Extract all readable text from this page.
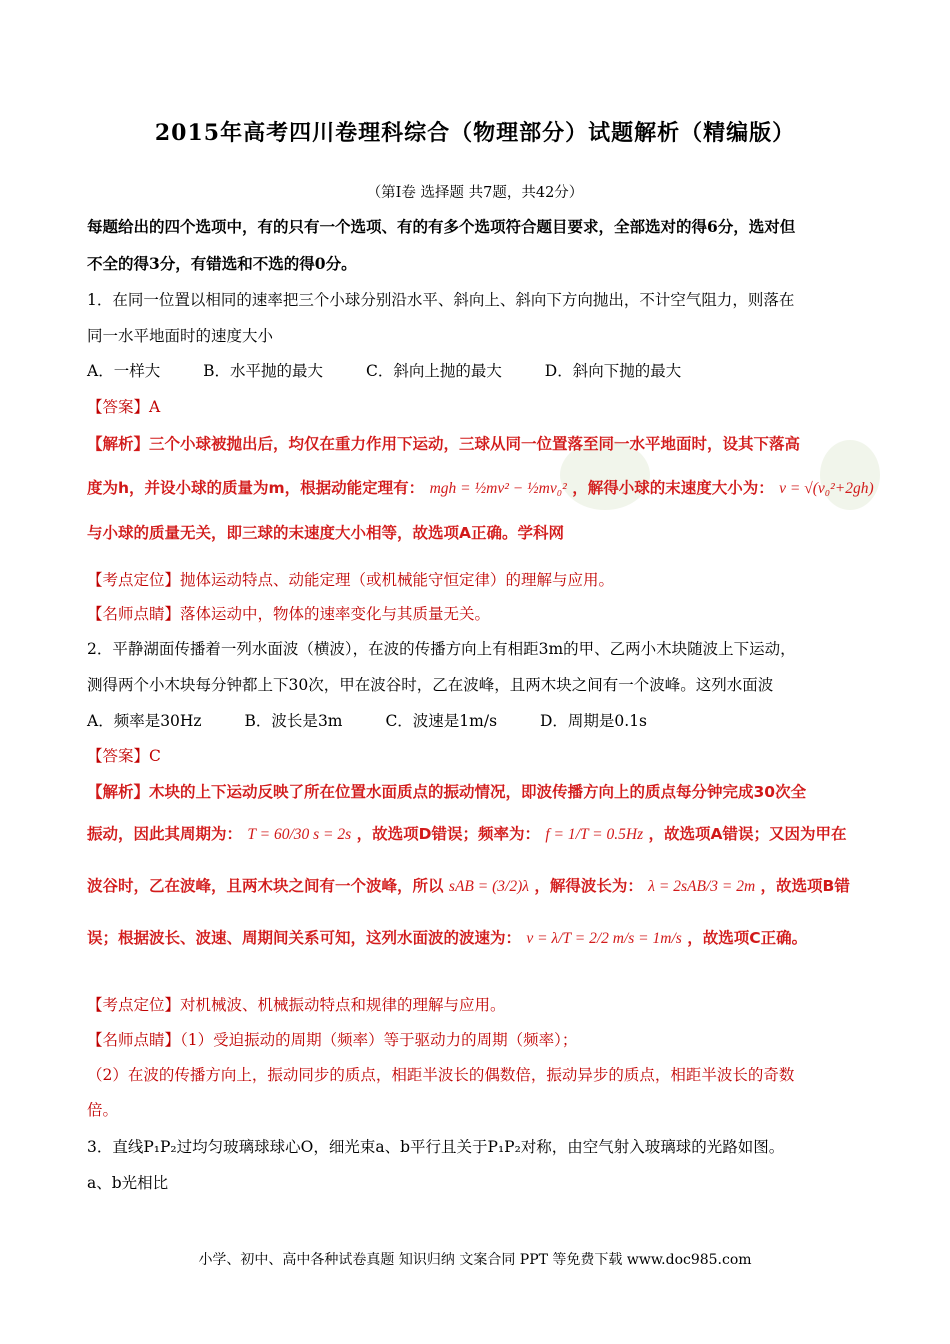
2015年高考四川卷理科综合（物理部分）试题解析（精编版）
（第Ⅰ卷 选择题 共7题，共42分）
每题给出的四个选项中，有的只有一个选项、有的有多个选项符合题目要求，全部选对的得6分，选对但
不全的得3分，有错选和不选的得0分。
1．在同一位置以相同的速率把三个小球分别沿水平、斜向上、斜向下方向抛出，不计空气阻力，则落在
同一水平地面时的速度大小
A．一样大	B．水平抛的最大	C．斜向上抛的最大	D．斜向下抛的最大
【答案】A
【解析】三个小球被抛出后，均仅在重力作用下运动，三球从同一位置落至同一水平地面时，设其下落高
度为h，并设小球的质量为m，根据动能定理有： mgh = ½mv² − ½mv₀² ，解得小球的末速度大小为： v = √(v₀²+2gh)
与小球的质量无关，即三球的末速度大小相等，故选项A正确。学科网
【考点定位】抛体运动特点、动能定理（或机械能守恒定律）的理解与应用。
【名师点睛】落体运动中，物体的速率变化与其质量无关。
2．平静湖面传播着一列水面波（横波），在波的传播方向上有相距3m的甲、乙两小木块随波上下运动，
测得两个小木块每分钟都上下30次，甲在波谷时，乙在波峰，且两木块之间有一个波峰。这列水面波
A．频率是30Hz	B．波长是3m	C．波速是1m/s	D．周期是0.1s
【答案】C
【解析】木块的上下运动反映了所在位置水面质点的振动情况，即波传播方向上的质点每分钟完成30次全
振动，因此其周期为： T = 60/30 s = 2s ，故选项D错误；频率为： f = 1/T = 0.5Hz ，故选项A错误；又因为甲在
波谷时，乙在波峰，且两木块之间有一个波峰，所以 sAB = (3/2)λ ，解得波长为： λ = 2sAB/3 = 2m ，故选项B错
误；根据波长、波速、周期间关系可知，这列水面波的波速为： v = λ/T = 2/2 m/s = 1m/s ，故选项C正确。
【考点定位】对机械波、机械振动特点和规律的理解与应用。
【名师点睛】（1）受迫振动的周期（频率）等于驱动力的周期（频率）；
（2）在波的传播方向上，振动同步的质点，相距半波长的偶数倍，振动异步的质点，相距半波长的奇数
倍。
3．直线P₁P₂过均匀玻璃球球心O，细光束a、b平行且关于P₁P₂对称，由空气射入玻璃球的光路如图。
a、b光相比
小学、初中、高中各种试卷真题 知识归纳 文案合同 PPT 等免费下载 www.doc985.com
